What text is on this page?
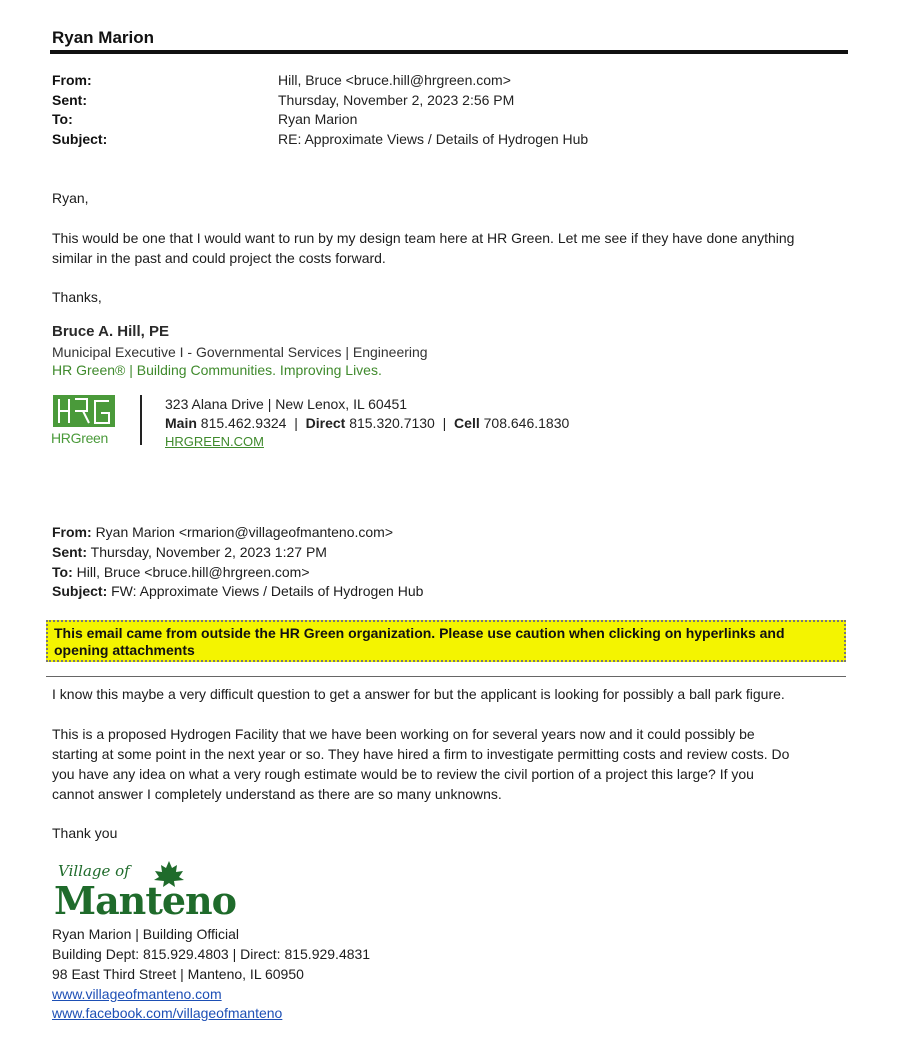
Ryan Marion
From:	Hill, Bruce <bruce.hill@hrgreen.com>
Sent:	Thursday, November 2, 2023 2:56 PM
To:	Ryan Marion
Subject:	RE: Approximate Views / Details of Hydrogen Hub
Ryan,
This would be one that I would want to run by my design team here at HR Green. Let me see if they have done anything
similar in the past and could project the costs forward.
Thanks,
Bruce A. Hill, PE
Municipal Executive I - Governmental Services | Engineering
HR Green® | Building Communities. Improving Lives.
HRGreen
323 Alana Drive | New Lenox, IL 60451
Main 815.462.9324  |  Direct 815.320.7130  |  Cell 708.646.1830
HRGREEN.COM
From: Ryan Marion <rmarion@villageofmanteno.com>
Sent: Thursday, November 2, 2023 1:27 PM
To: Hill, Bruce <bruce.hill@hrgreen.com>
Subject: FW: Approximate Views / Details of Hydrogen Hub
This email came from outside the HR Green organization. Please use caution when clicking on hyperlinks and
opening attachments
I know this maybe a very difficult question to get a answer for but the applicant is looking for possibly a ball park figure.
This is a proposed Hydrogen Facility that we have been working on for several years now and it could possibly be
starting at some point in the next year or so. They have hired a firm to investigate permitting costs and review costs. Do
you have any idea on what a very rough estimate would be to review the civil portion of a project this large? If you
cannot answer I completely understand as there are so many unknowns.
Thank you
Village of
Manteno
Ryan Marion | Building Official
Building Dept: 815.929.4803 | Direct: 815.929.4831
98 East Third Street | Manteno, IL 60950
www.villageofmanteno.com
www.facebook.com/villageofmanteno
